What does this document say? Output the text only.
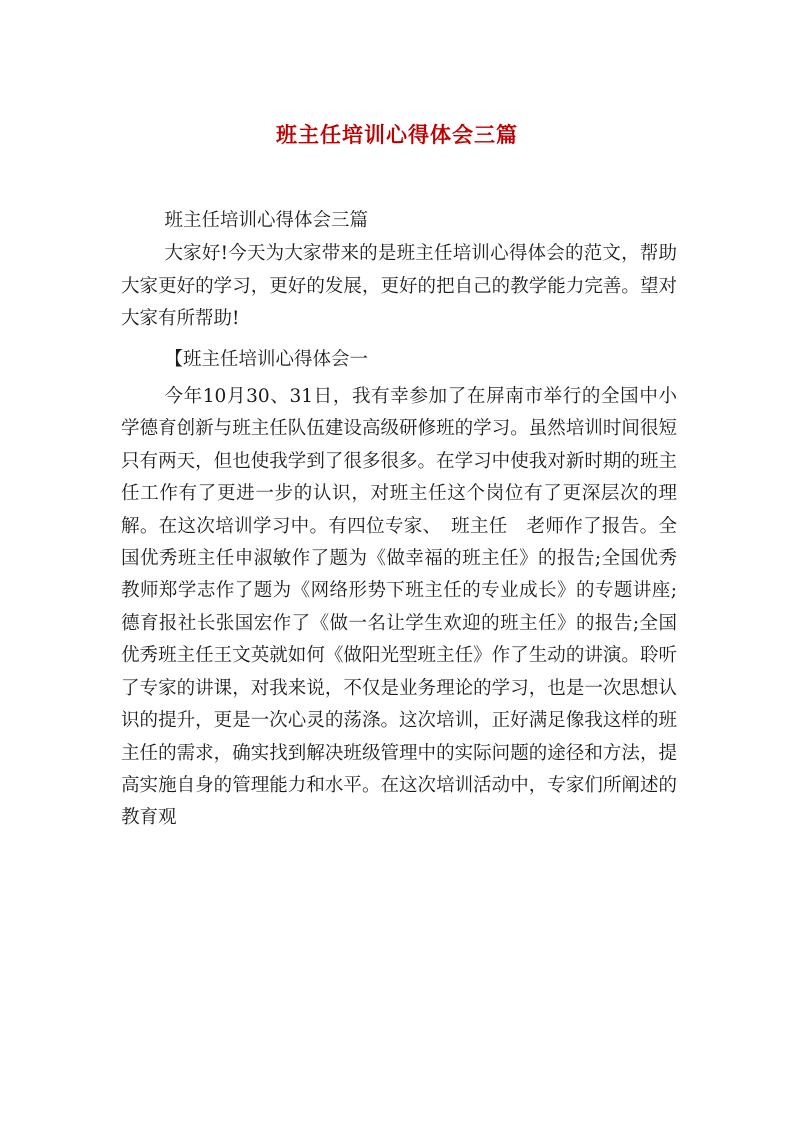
班主任培训心得体会三篇

班主任培训心得体会三篇

大家好!今天为大家带来的是班主任培训心得体会的范文，帮助大家更好的学习，更好的发展，更好的把自己的教学能力完善。望对大家有所帮助!

【班主任培训心得体会一

今年10月30、31日，我有幸参加了在屏南市举行的全国中小学德育创新与班主任队伍建设高级研修班的学习。虽然培训时间很短只有两天，但也使我学到了很多很多。在学习中使我对新时期的班主任工作有了更进一步的认识，对班主任这个岗位有了更深层次的理解。在这次培训学习中。有四位专家、　班主任　老师作了报告。全国优秀班主任申淑敏作了题为《做幸福的班主任》的报告;全国优秀教师郑学志作了题为《网络形势下班主任的专业成长》的专题讲座;德育报社长张国宏作了《做一名让学生欢迎的班主任》的报告;全国优秀班主任王文英就如何《做阳光型班主任》作了生动的讲演。聆听了专家的讲课，对我来说，不仅是业务理论的学习，也是一次思想认识的提升，更是一次心灵的荡涤。这次培训，正好满足像我这样的班主任的需求，确实找到解决班级管理中的实际问题的途径和方法，提高实施自身的管理能力和水平。在这次培训活动中，专家们所阐述的教育观
